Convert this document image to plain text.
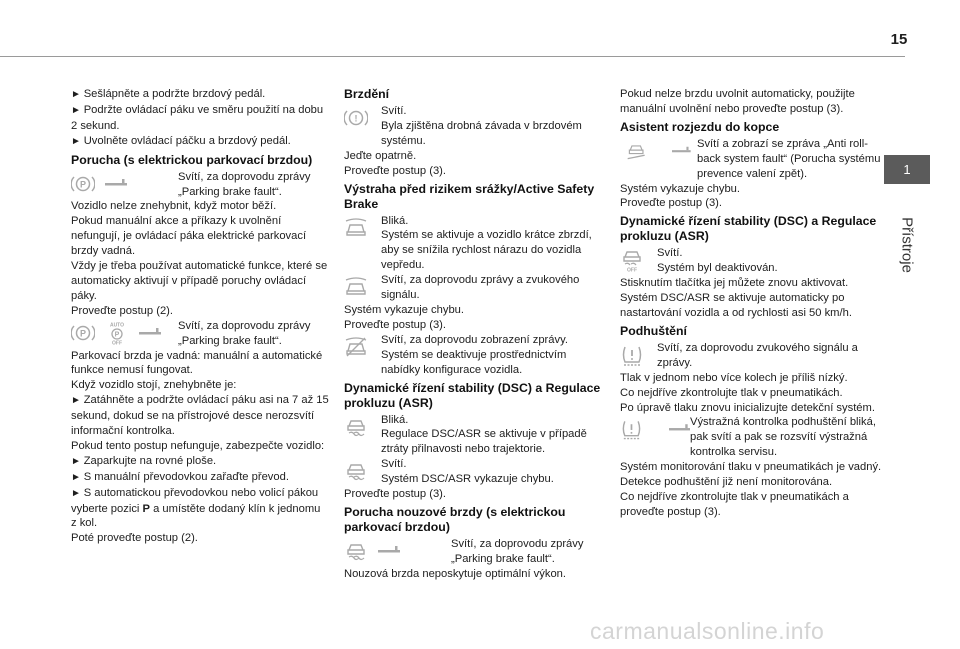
15
1
Přístroje

► Sešlápněte a podržte brzdový pedál.

► Podržte ovládací páku ve směru použití na dobu 2 sekund.

► Uvolněte ovládací páčku a brzdový pedál.

Porucha (s elektrickou parkovací brzdou)
P
Svítí, za doprovodu zprávy „Parking brake fault“.

Vozidlo nelze znehybnit, když motor běží.
Pokud manuální akce a příkazy k uvolnění nefungují, je ovládací páka elektrické parkovací brzdy vadná.
Vždy je třeba používat automatické funkce, které se automaticky aktivují v případě poruchy ovládací páky.
Proveďte postup (2).

P
AUTO
P
OFF
Svítí, za doprovodu zprávy „Parking brake fault“.

Parkovací brzda je vadná: manuální a automatické funkce nemusí fungovat.
Když vozidlo stojí, znehybněte je:

► Zatáhněte a podržte ovládací páku asi na 7 až 15 sekund, dokud se na přístrojové desce nerozsvítí informační kontrolka.

Pokud tento postup nefunguje, zabezpečte vozidlo:

► Zaparkujte na rovné ploše.

► S manuální převodovkou zařaďte převod.

► S automatickou převodovkou nebo volicí pákou vyberte pozici P a umístěte dodaný klín k jednomu z kol.

Poté proveďte postup (2).

Brzdění
!
Svítí.
Byla zjištěna drobná závada v brzdovém systému.

Jeďte opatrně.
Proveďte postup (3).

Výstraha před rizikem srážky/Active Safety Brake
Bliká.
Systém se aktivuje a vozidlo krátce zbrzdí, aby se snížila rychlost nárazu do vozidla vepředu.
Svítí, za doprovodu zprávy a zvukového signálu.

Systém vykazuje chybu.
Proveďte postup (3).

Svítí, za doprovodu zobrazení zprávy.
Systém se deaktivuje prostřednictvím nabídky konfigurace vozidla.
Dynamické řízení stability (DSC) a Regulace prokluzu (ASR)
Bliká.
Regulace DSC/ASR se aktivuje v případě ztráty přilnavosti nebo trajektorie.
Svítí.
Systém DSC/ASR vykazuje chybu.

Proveďte postup (3).

Porucha nouzové brzdy (s elektrickou parkovací brzdou)
Svítí, za doprovodu zprávy „Parking brake fault“.

Nouzová brzda neposkytuje optimální výkon.

Pokud nelze brzdu uvolnit automaticky, použijte manuální uvolnění nebo proveďte postup (3).

Asistent rozjezdu do kopce
Svítí a zobrazí se zpráva „Anti roll-back system fault“ (Porucha systému prevence valení zpět).

Systém vykazuje chybu.
Proveďte postup (3).

Dynamické řízení stability (DSC) a Regulace prokluzu (ASR)
OFF
Svítí.
Systém byl deaktivován.

Stisknutím tlačítka jej můžete znovu aktivovat.
Systém DSC/ASR se aktivuje automaticky po nastartování vozidla a od rychlosti asi 50 km/h.

Podhuštění
Svítí, za doprovodu zvukového signálu a zprávy.

Tlak v jednom nebo více kolech je příliš nízký.
Co nejdříve zkontrolujte tlak v pneumatikách.
Po úpravě tlaku znovu inicializujte detekční systém.

Výstražná kontrolka podhuštění bliká, pak svítí a pak se rozsvítí výstražná kontrolka servisu.

Systém monitorování tlaku v pneumatikách je vadný.
Detekce podhuštění již není monitorována.
Co nejdříve zkontrolujte tlak v pneumatikách a proveďte postup (3).

carmanualsonline.info
